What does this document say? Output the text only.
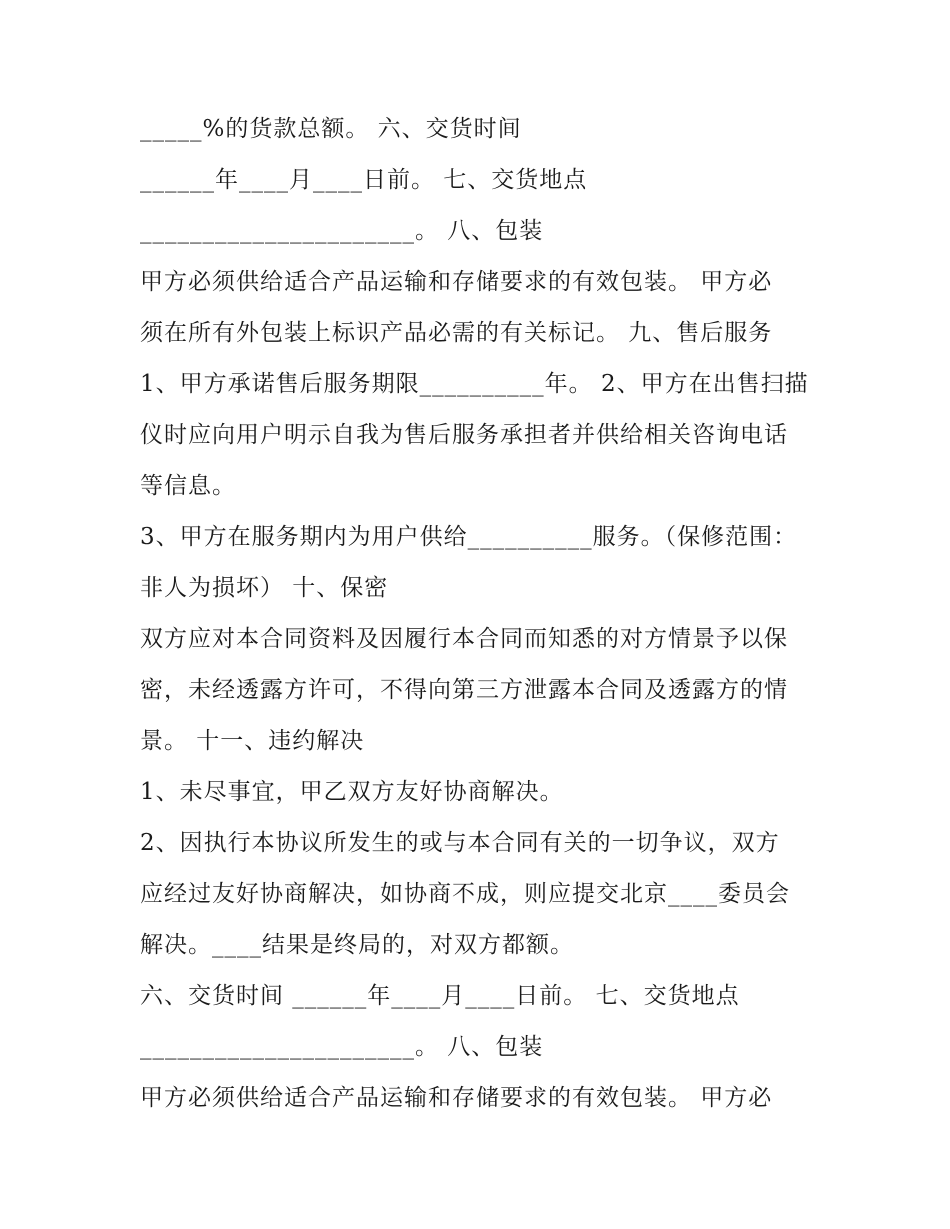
_____%的货款总额。 六、交货时间
______年____月____日前。 七、交货地点
______________________。 八、包装
甲方必须供给适合产品运输和存储要求的有效包装。 甲方必
须在所有外包装上标识产品必需的有关标记。 九、售后服务
1、甲方承诺售后服务期限__________年。 2、甲方在出售扫描
仪时应向用户明示自我为售后服务承担者并供给相关咨询电话
等信息。
3、甲方在服务期内为用户供给__________服务。（保修范围：
非人为损坏） 十、保密
双方应对本合同资料及因履行本合同而知悉的对方情景予以保
密，未经透露方许可，不得向第三方泄露本合同及透露方的情
景。 十一、违约解决
1、未尽事宜，甲乙双方友好协商解决。
2、因执行本协议所发生的或与本合同有关的一切争议，双方
应经过友好协商解决，如协商不成，则应提交北京____委员会
解决。____结果是终局的，对双方都额。
六、交货时间 ______年____月____日前。 七、交货地点
______________________。 八、包装
甲方必须供给适合产品运输和存储要求的有效包装。 甲方必
